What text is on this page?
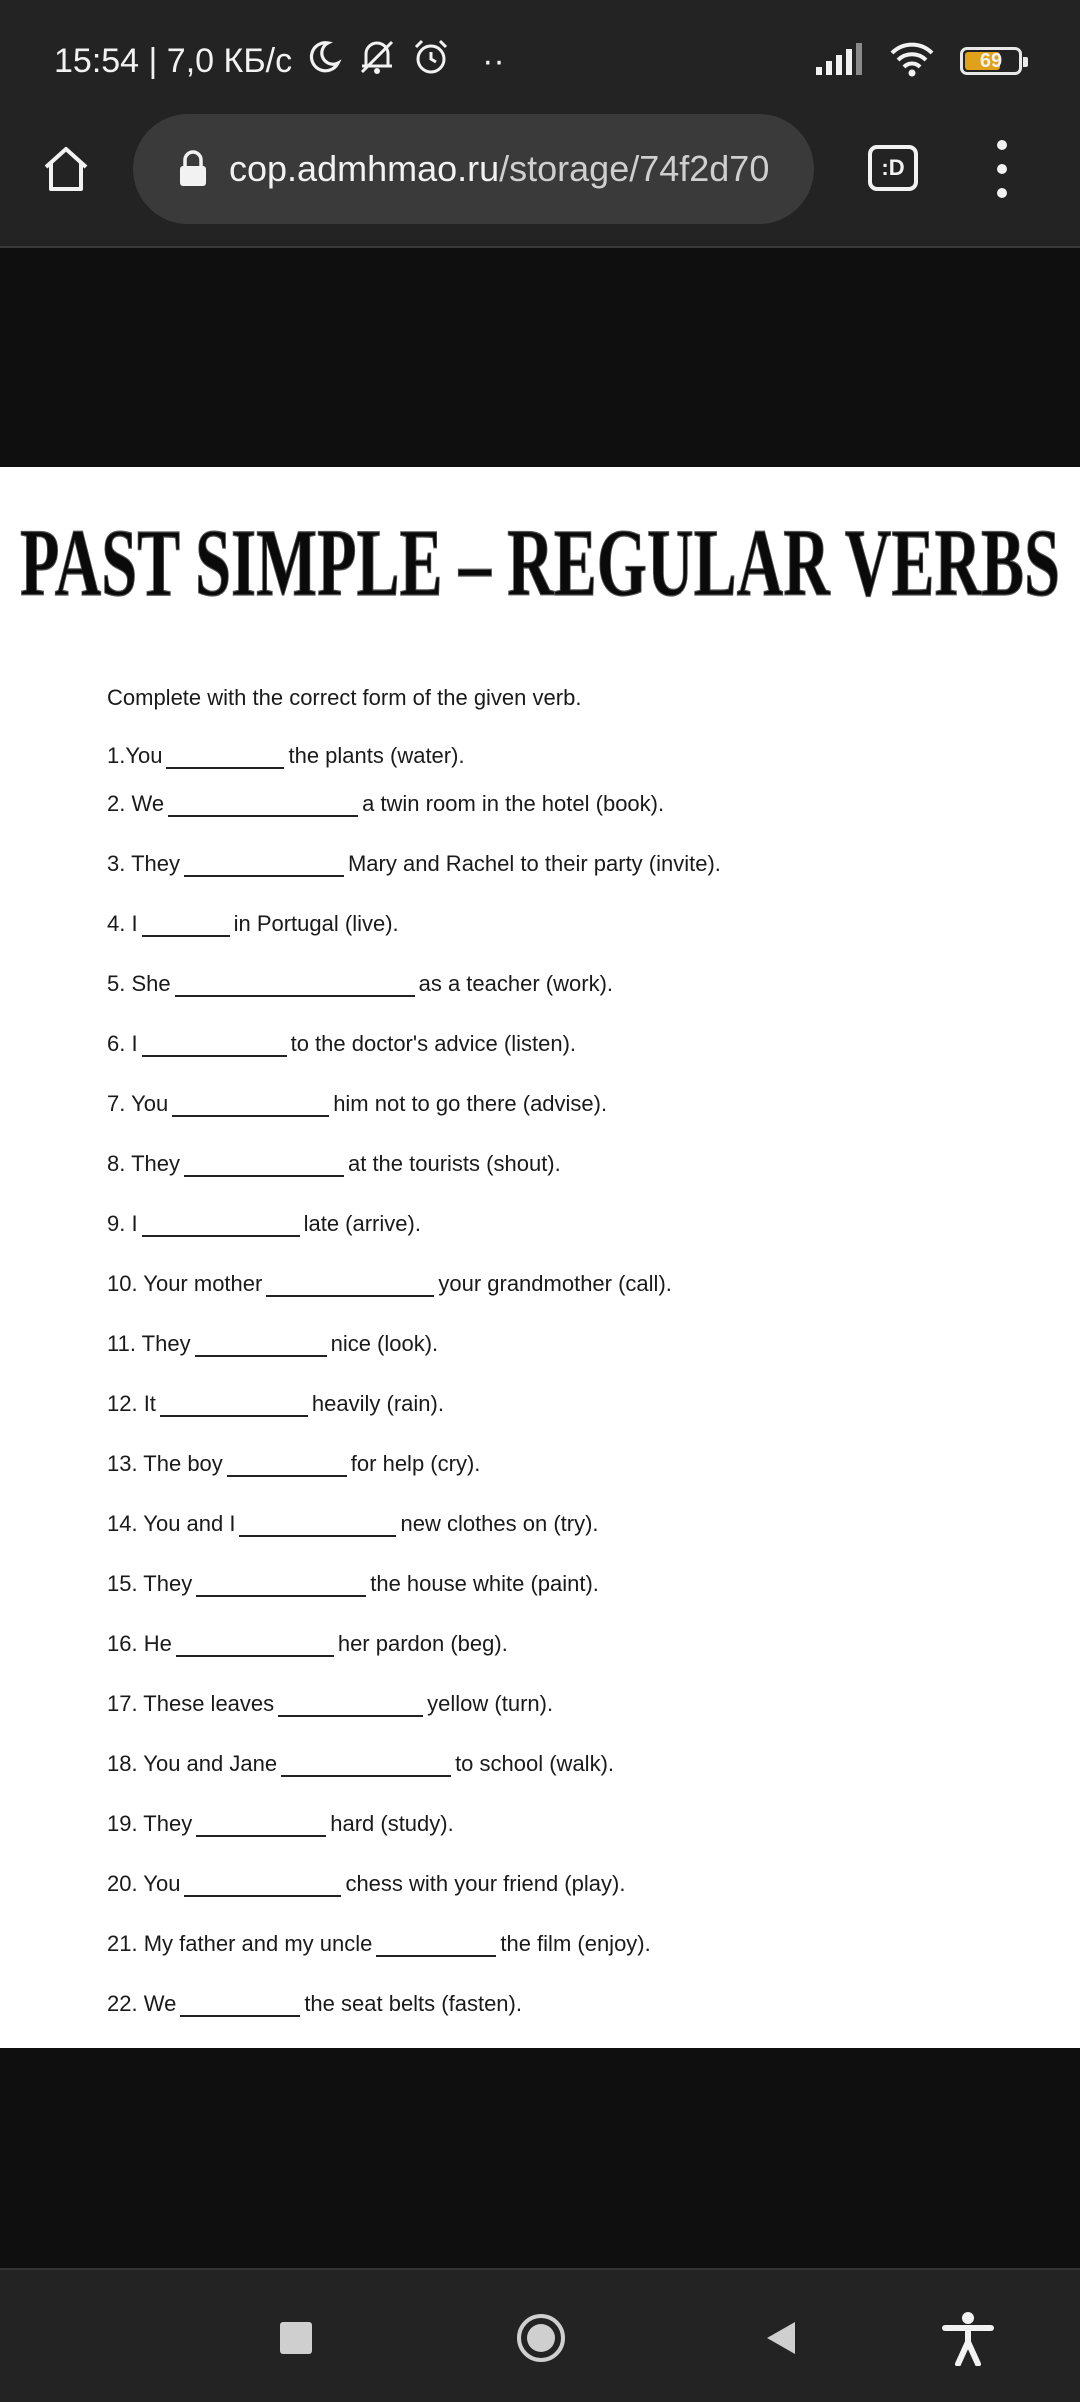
15:54 | 7,0 КБ/с	··	69
cop.admhmao.ru/storage/74f2d70	:D
PAST SIMPLE – REGULAR VERBS
Complete with the correct form of the given verb.
1.You	the plants (water).
2. We	a twin room in the hotel (book).
3. They	Mary and Rachel to their party (invite).
4. I	in Portugal (live).
5. She	as a teacher (work).
6. I	to the doctor's advice (listen).
7. You	him not to go there (advise).
8. They	at the tourists (shout).
9. I	late (arrive).
10. Your mother	your grandmother (call).
11. They	nice (look).
12. It	heavily (rain).
13. The boy	for help (cry).
14. You and I	new clothes on (try).
15. They	the house white (paint).
16. He	her pardon (beg).
17. These leaves	yellow (turn).
18. You and Jane	to school (walk).
19. They	hard (study).
20. You	chess with your friend (play).
21. My father and my uncle	the film (enjoy).
22. We	the seat belts (fasten).
